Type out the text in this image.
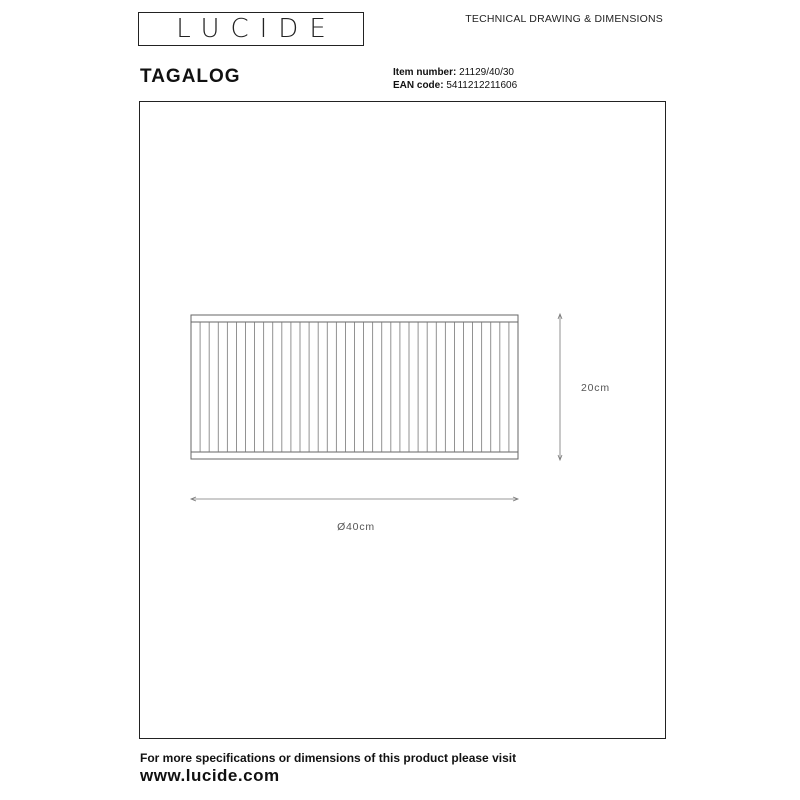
LUCIDE	TECHNICAL DRAWING & DIMENSIONS
TAGALOG	Item number: 21129/40/30
EAN code: 5411212211606
20cm
Ø40cm
For more specifications or dimensions of this product please visit
www.lucide.com
